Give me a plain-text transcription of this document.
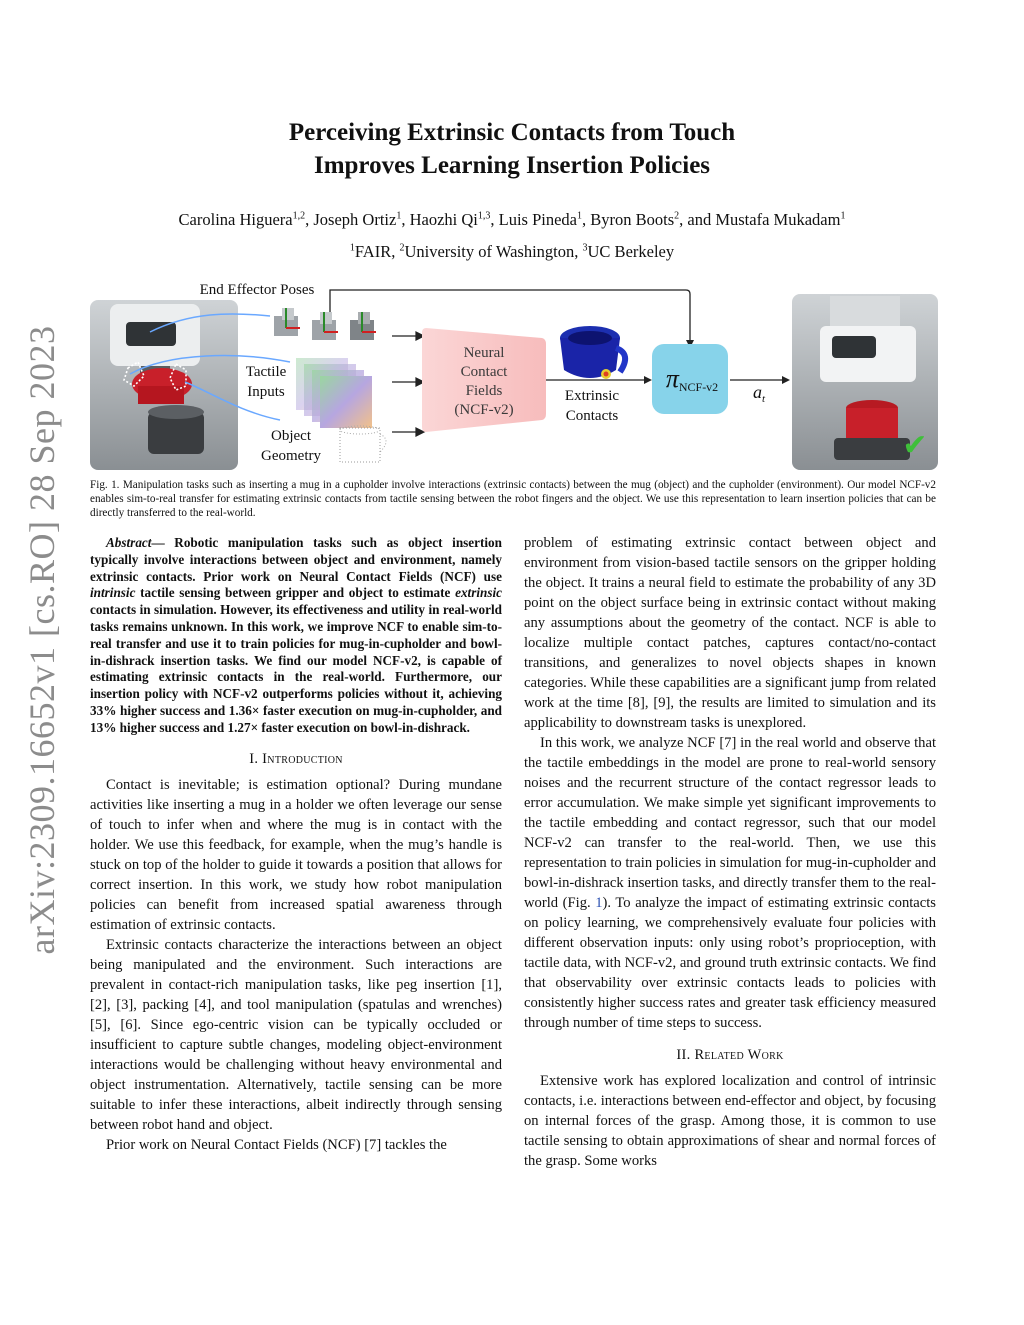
arXiv:2309.16652v1 [cs.RO] 28 Sep 2023
Perceiving Extrinsic Contacts from Touch
Improves Learning Insertion Policies
Carolina Higuera$^{1,2}$, Joseph Ortiz$^1$, Haozhi Qi$^{1,3}$, Luis Pineda$^1$, Byron Boots$^2$, and Mustafa Mukadam$^1$
$^1$FAIR, $^2$University of Washington, $^3$UC Berkeley
End Effector Poses
Tactile
Inputs
Object
Geometry
Neural
Contact
Fields
(NCF-v2)
Extrinsic
Contacts
$\pi_{NCF-v2}$	$a_t$
✔
Fig. 1. Manipulation tasks such as inserting a mug in a cupholder involve interactions (extrinsic contacts) between the mug (object) and the cupholder (environment). Our model NCF-v2 enables sim-to-real transfer for estimating extrinsic contacts from tactile sensing between the robot fingers and the object. We use this representation to learn insertion policies that can be directly transferred to the real-world.

Abstract— Robotic manipulation tasks such as object insertion typically involve interactions between object and environment, namely extrinsic contacts. Prior work on Neural Contact Fields (NCF) use intrinsic tactile sensing between gripper and object to estimate extrinsic contacts in simulation. However, its effectiveness and utility in real-world tasks remains unknown. In this work, we improve NCF to enable sim-to-real transfer and use it to train policies for mug-in-cupholder and bowl-in-dishrack insertion tasks. We find our model NCF-v2, is capable of estimating extrinsic contacts in the real-world. Furthermore, our insertion policy with NCF-v2 outperforms policies without it, achieving 33% higher success and 1.36× faster execution on mug-in-cupholder, and 13% higher success and 1.27× faster execution on bowl-in-dishrack.

I. Introduction

Contact is inevitable; is estimation optional? During mundane activities like inserting a mug in a holder we often leverage our sense of touch to infer when and where the mug is in contact with the holder. We use this feedback, for example, when the mug’s handle is stuck on top of the holder to guide it towards a position that allows for correct insertion. In this work, we study how robot manipulation policies can benefit from increased spatial awareness through estimation of extrinsic contacts.

Extrinsic contacts characterize the interactions between an object being manipulated and the environment. Such interactions are prevalent in contact-rich manipulation tasks, like peg insertion [1], [2], [3], packing [4], and tool manipulation (spatulas and wrenches) [5], [6]. Since ego-centric vision can be typically occluded or insufficient to capture subtle changes, modeling object-environment interactions would be challenging without heavy environmental and object instrumentation. Alternatively, tactile sensing can be more suitable to infer these interactions, albeit indirectly through sensing between robot hand and object.

Prior work on Neural Contact Fields (NCF) [7] tackles the

problem of estimating extrinsic contact between object and environment from vision-based tactile sensors on the gripper holding the object. It trains a neural field to estimate the probability of any 3D point on the object surface being in extrinsic contact without making any assumptions about the geometry of the contact. NCF is able to localize multiple contact patches, captures contact/no-contact transitions, and generalizes to novel objects shapes in known categories. While these capabilities are a significant jump from related work at the time [8], [9], the results are limited to simulation and its applicability to downstream tasks is unexplored.

In this work, we analyze NCF [7] in the real world and observe that the tactile embeddings in the model are prone to real-world sensory noises and the recurrent structure of the contact regressor leads to error accumulation. We make simple yet significant improvements to the tactile embedding and contact regressor, such that our model NCF-v2 can transfer to the real-world. Then, we use this representation to train policies in simulation for mug-in-cupholder and bowl-in-dishrack insertion tasks, and directly transfer them to the real-world (Fig. 1). To analyze the impact of estimating extrinsic contacts on policy learning, we comprehensively evaluate four policies with different observation inputs: only using robot’s proprioception, with tactile data, with NCF-v2, and ground truth extrinsic contacts. We find that observability over extrinsic contacts leads to policies with consistently higher success rates and greater task efficiency measured through number of time steps to success.

II. Related Work

Extensive work has explored localization and control of intrinsic contacts, i.e. interactions between end-effector and object, by focusing on internal forces of the grasp. Among those, it is common to use tactile sensing to obtain approximations of shear and normal forces of the grasp. Some works
